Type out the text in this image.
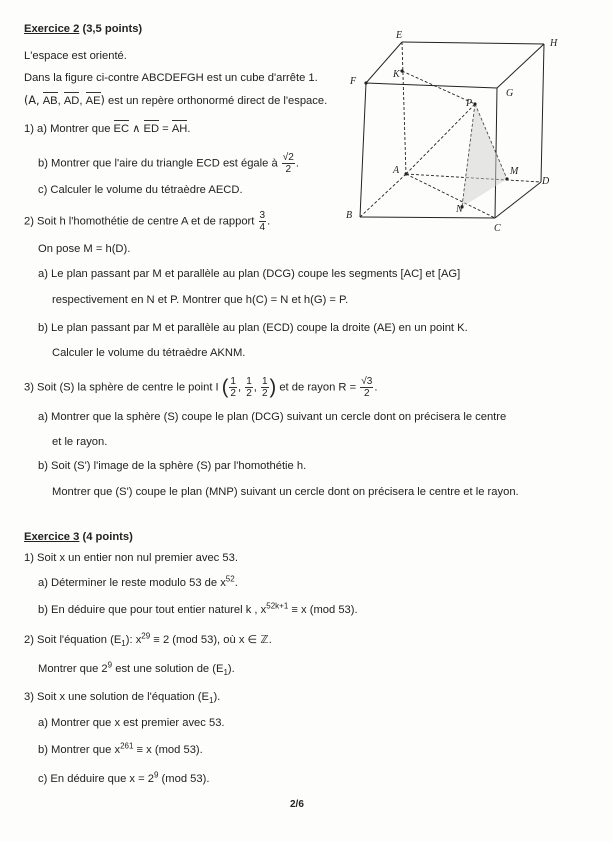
Exercice 2 (3,5 points)
L'espace est orienté.
Dans la figure ci-contre ABCDEFGH est un cube d'arrête 1.
(A, AB, AD, AE) est un repère orthonormé direct de l'espace.
1) a) Montrer que EC ∧ ED = AH.
b) Montrer que l'aire du triangle ECD est égale à $\frac{√2}{2}$ .
c) Calculer le volume du tétraèdre AECD.
2) Soit h l'homothétie de centre A et de rapport $\frac{3}{4}$ .
On pose M = h(D).
a) Le plan passant par M et parallèle au plan (DCG) coupe les segments [AC] et [AG]
respectivement en N et P. Montrer que h(C) = N et h(G) = P.
b) Le plan passant par M et parallèle au plan (ECD) coupe la droite (AE) en un point K.
Calculer le volume du tétraèdre AKNM.
3) Soit (S) la sphère de centre le point I ( $\frac{1}{2}$ , $\frac{1}{2}$ , $\frac{1}{2}$ ) et de rayon $R = \frac{√3}{2}$ .
a) Montrer que la sphère (S) coupe le plan (DCG) suivant un cercle dont on précisera le centre
et le rayon.
b) Soit (S') l'image de la sphère (S) par l'homothétie h.
Montrer que (S') coupe le plan (MNP) suivant un cercle dont on précisera le centre et le rayon.
E
H
F
K
G
P
A	M
D
N
B
C
Exercice 3 (4 points)
1) Soit x un entier non nul premier avec 53.
a) Déterminer le reste modulo 53 de $x^{52}$.
b) En déduire que pour tout entier naturel k , $x^{52k+1} \equiv x$ (mod 53).
2) Soit l'équation $(E_1)$: $x^{29} \equiv 2$ (mod 53), où x ∈ ℤ.
Montrer que $2^9$ est une solution de $(E_1)$.
3) Soit x une solution de l'équation $(E_1)$.
a) Montrer que x est premier avec 53.
b) Montrer que $x^{261} \equiv x$ (mod 53).
c) En déduire que $x = 2^9$ (mod 53).
2/6
